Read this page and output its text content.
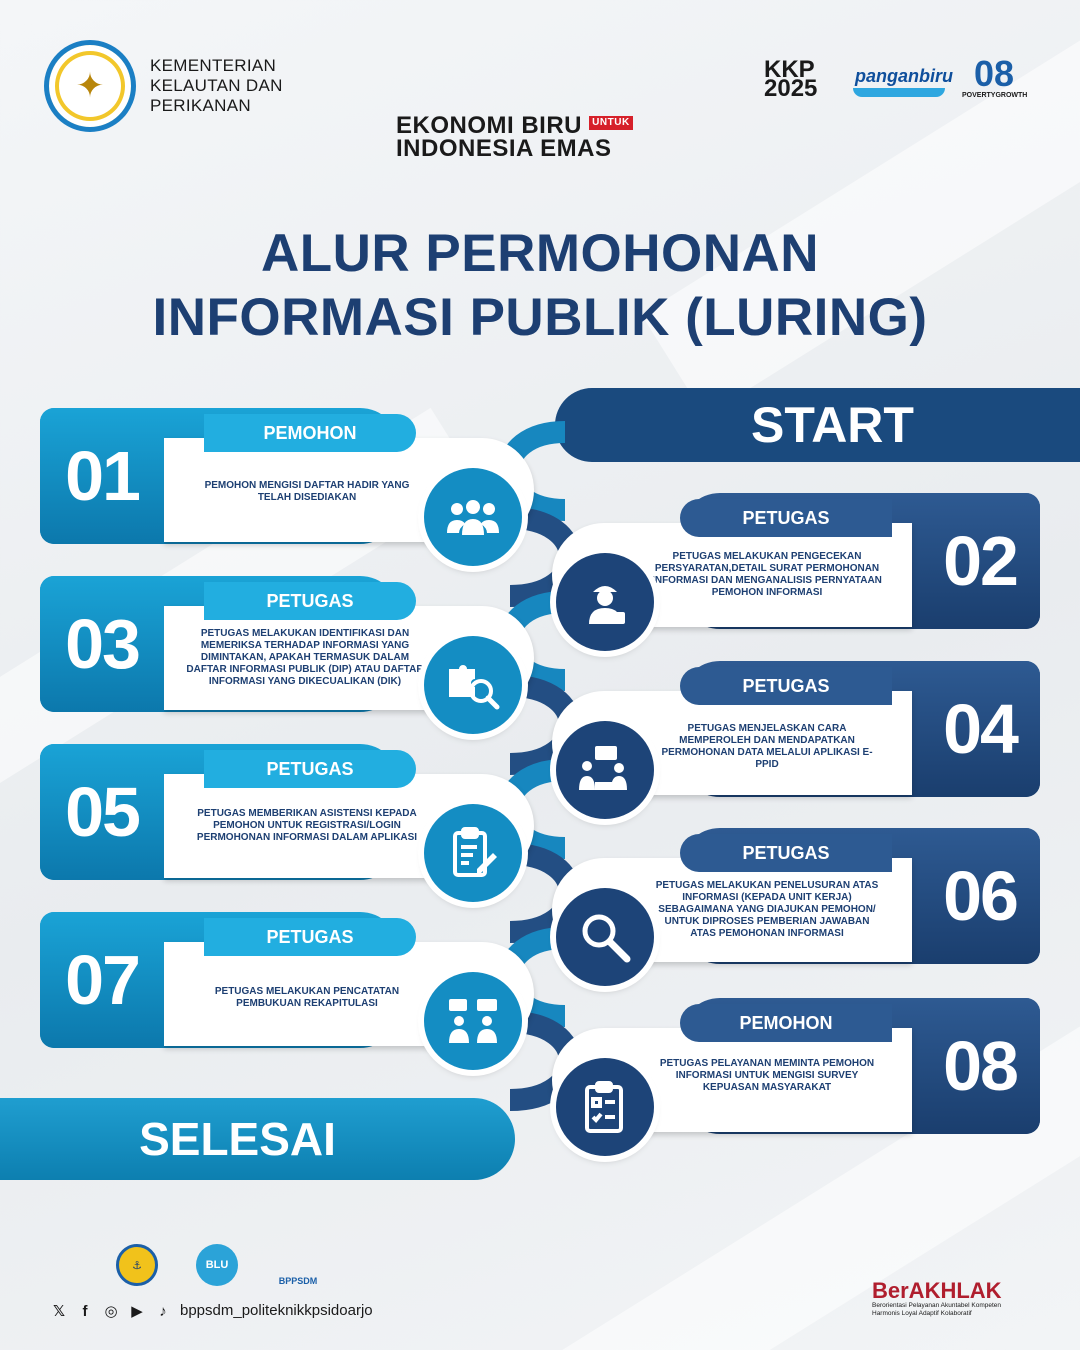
✦
KEMENTERIAN KELAUTAN DAN PERIKANAN
EKONOMI BIRU UNTUK
INDONESIA EMAS
KKP
2025 panganbiru 08
POVERTY GROWTH
ALUR PERMOHONAN
INFORMASI PUBLIK (LURING)
START
01
PEMOHON
PEMOHON MENGISI DAFTAR HADIR YANG TELAH DISEDIAKAN
02
PETUGAS
PETUGAS MELAKUKAN PENGECEKAN PERSYARATAN,DETAIL SURAT PERMOHONAN INFORMASI DAN MENGANALISIS PERNYATAAN PEMOHON INFORMASI
03
PETUGAS
PETUGAS MELAKUKAN IDENTIFIKASI DAN MEMERIKSA TERHADAP INFORMASI YANG DIMINTAKAN, APAKAH TERMASUK DALAM DAFTAR INFORMASI PUBLIK (DIP) ATAU DAFTAR INFORMASI YANG DIKECUALIKAN (DIK)
04
PETUGAS
PETUGAS MENJELASKAN CARA MEMPEROLEH DAN MENDAPATKAN PERMOHONAN DATA MELALUI APLIKASI E-PPID
05
PETUGAS
PETUGAS MEMBERIKAN ASISTENSI KEPADA PEMOHON UNTUK REGISTRASI/LOGIN PERMOHONAN INFORMASI DALAM APLIKASI
06
PETUGAS
PETUGAS MELAKUKAN PENELUSURAN ATAS INFORMASI (KEPADA UNIT KERJA) SEBAGAIMANA YANG DIAJUKAN PEMOHON/ UNTUK DIPROSES PEMBERIAN JAWABAN ATAS PEMOHONAN INFORMASI
07
PETUGAS
PETUGAS MELAKUKAN PENCATATAN PEMBUKUAN REKAPITULASI
08
PEMOHON
PETUGAS PELAYANAN MEMINTA PEMOHON INFORMASI UNTUK MENGISI SURVEY KEPUASAN MASYARAKAT
SELESAI
⚓	BLU
BPPSDM
𝕏	f	◎ ▶	♪ bppsdm_politeknikkpsidoarjo
BerAKHLAK
Berorientasi Pelayanan Akuntabel Kompeten
Harmonis Loyal Adaptif Kolaboratif
